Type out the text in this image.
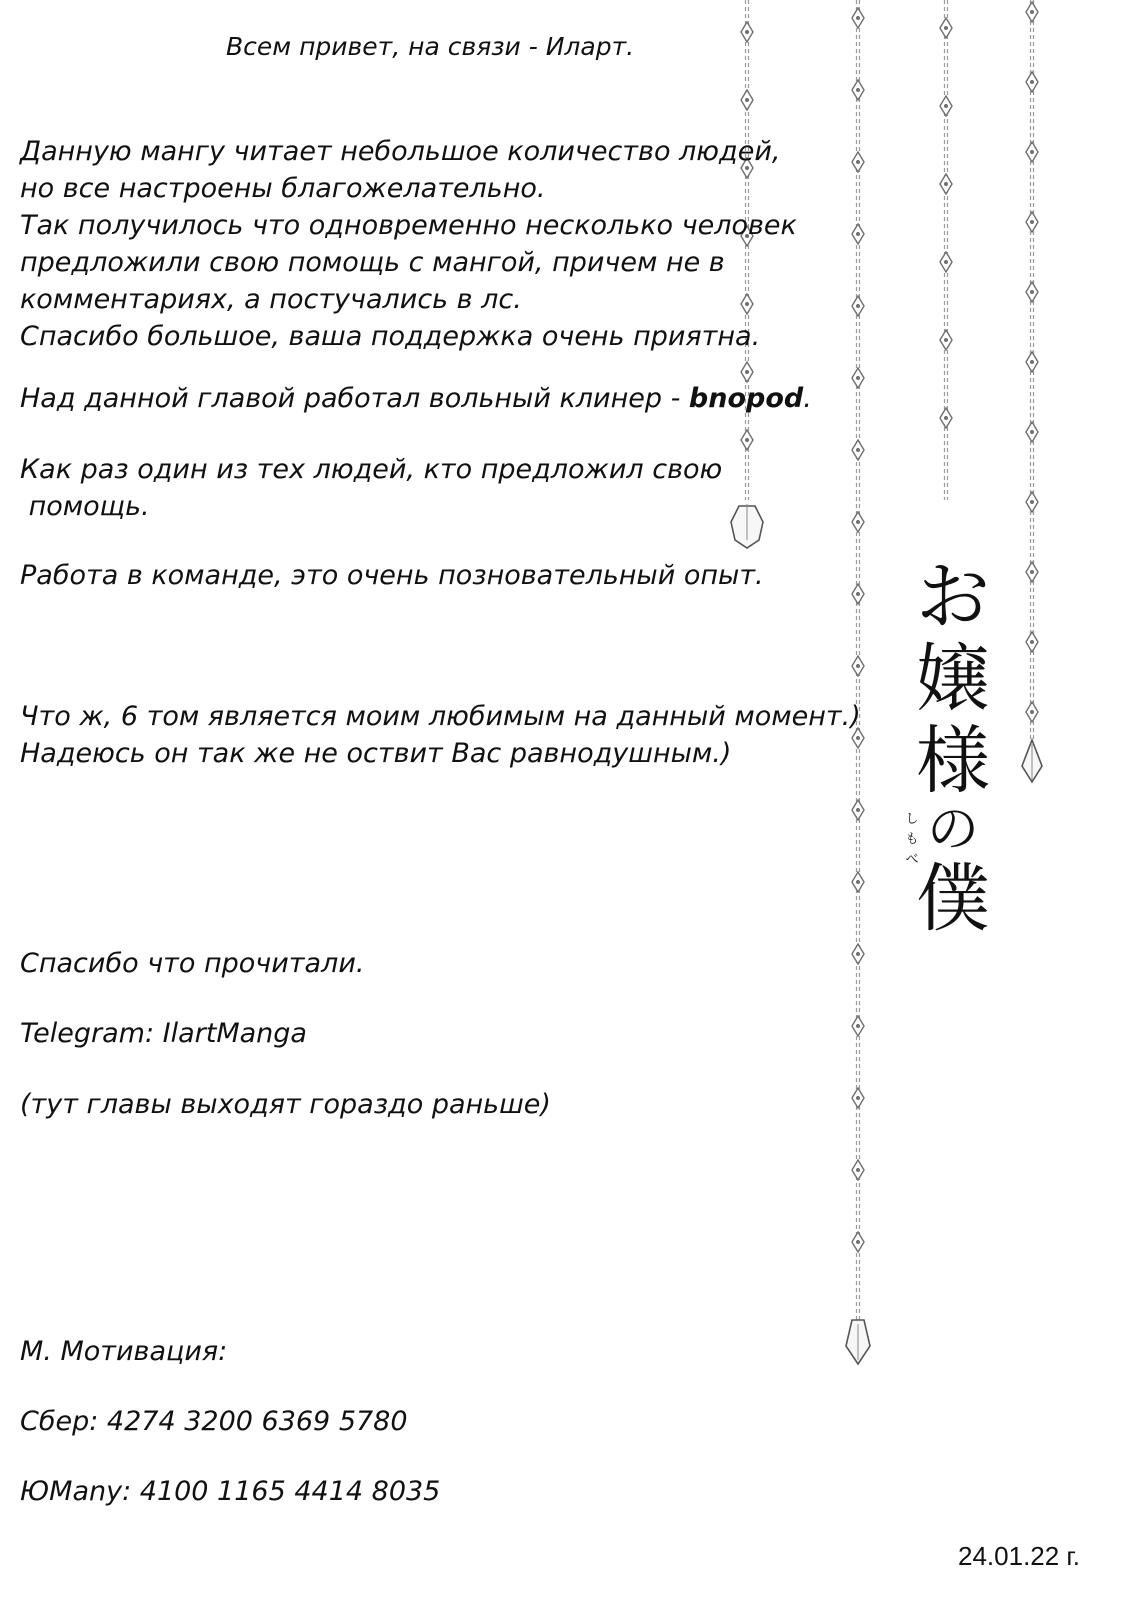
Всем привет, на связи - Иларт.

Данную мангу читает небольшое количество людей,
но все настроены благожелательно.
Так получилось что одновременно несколько человек
предложили свою помощь с мангой, причем не в
комментариях, а постучались в лс.
Спасибо большое, ваша поддержка очень приятна.

Над данной главой работал вольный клинер - bnopod.

Как раз один из тех людей, кто предложил свою
помощь.

Работа в команде, это очень позновательный опыт.

Что ж, 6 том является моим любимым на данный момент.)
Надеюсь он так же не оствит Вас равнодушным.)

Спасибо что прочитали.

Telegram: IlartManga

(тут главы выходят гораздо раньше)

М. Мотивация:

Сбер: 4274 3200 6369 5780

ЮMany: 4100 1165 4414 8035

24.01.22 г.

お
嬢
様
の
僕
し
も
べ
